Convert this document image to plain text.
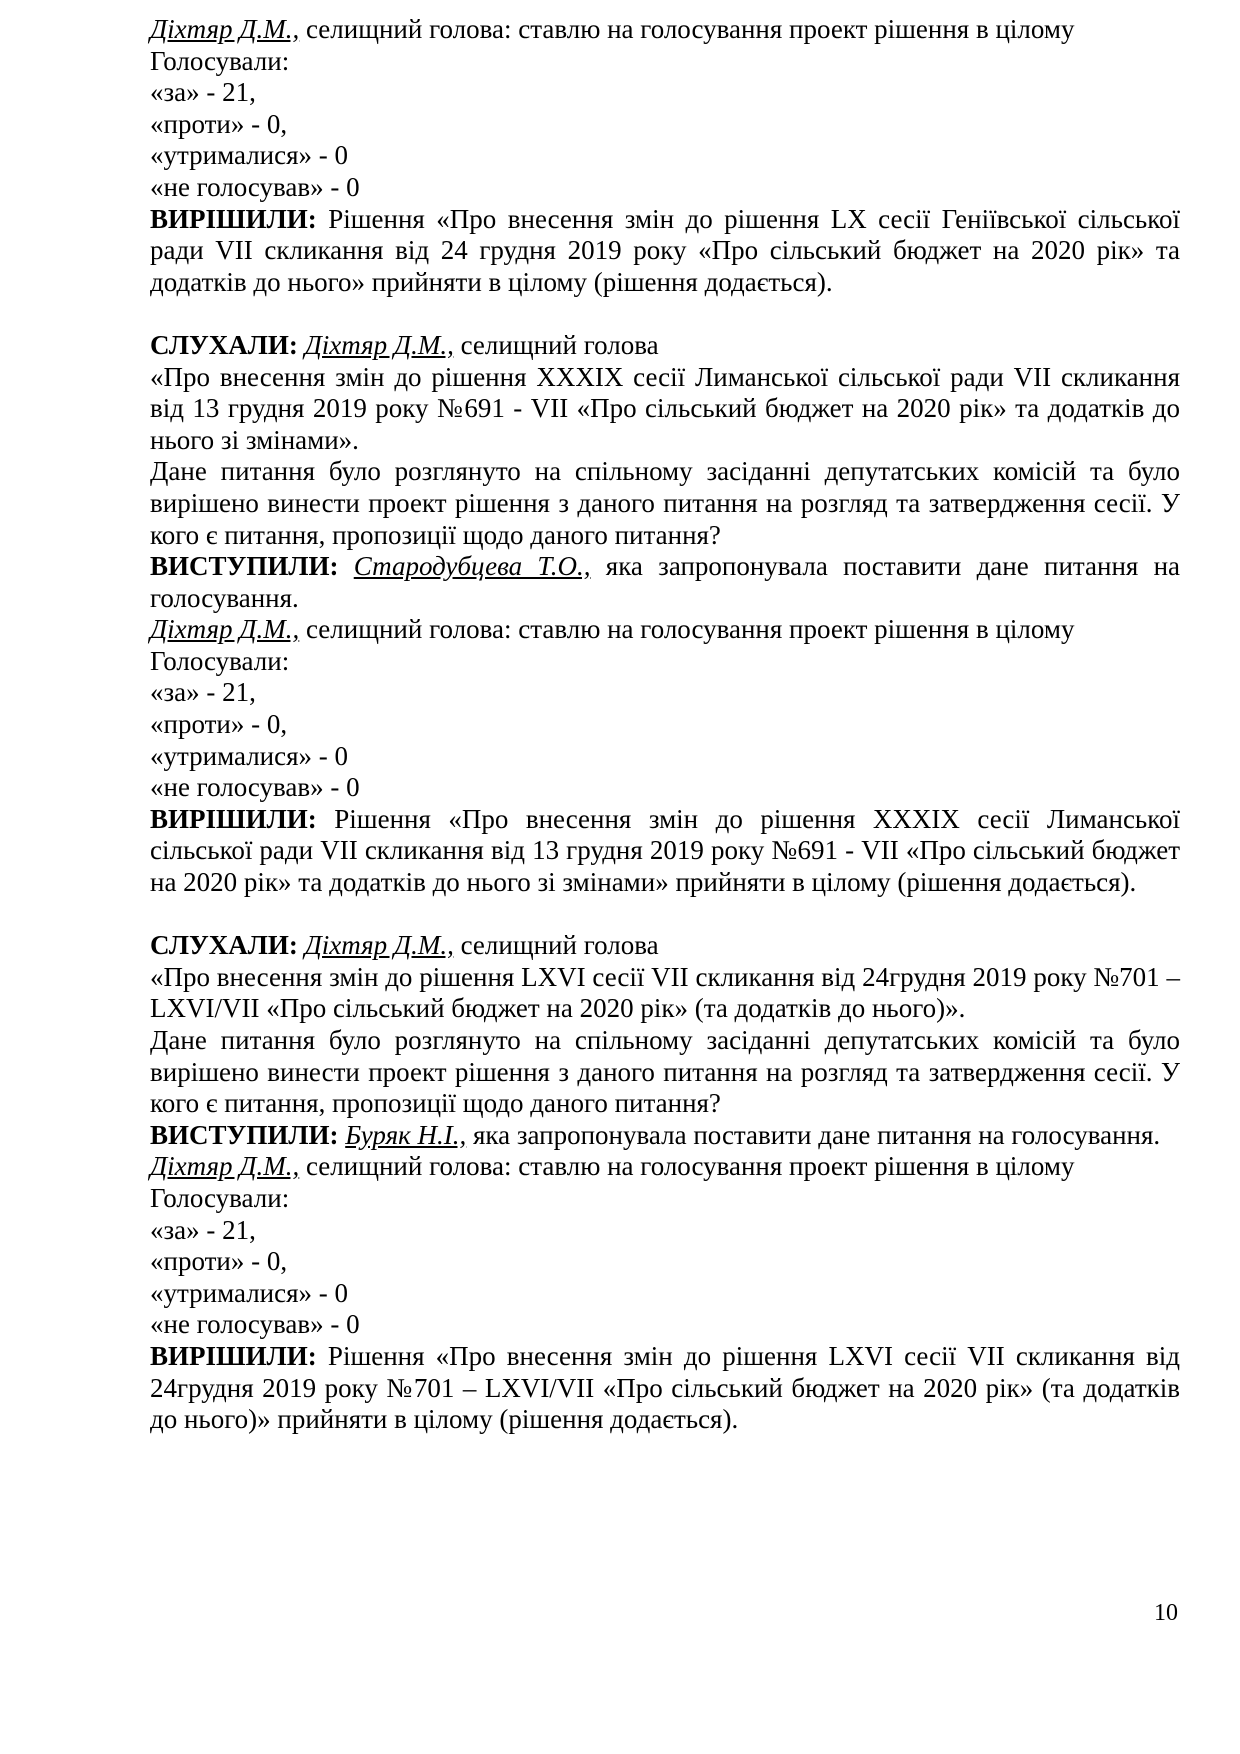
Діхтяр Д.М., селищний голова: ставлю на голосування проект рішення в цілому
Голосували:
«за» - 21,
«проти» - 0,
«утрималися» - 0
«не голосував» - 0
ВИРІШИЛИ: Рішення «Про внесення змін до рішення LX сесії Геніївської сільської ради VII скликання від 24 грудня 2019 року «Про сільський бюджет на 2020 рік» та додатків до нього» прийняти в цілому (рішення додається).
СЛУХАЛИ: Діхтяр Д.М., селищний голова
«Про внесення змін до рішення XXXIX сесії Лиманської сільської ради VII скликання від 13 грудня 2019 року №691 - VII «Про сільський бюджет на 2020 рік» та додатків до нього зі змінами».
Дане питання було розглянуто на спільному засіданні депутатських комісій та було вирішено винести проект рішення з даного питання на розгляд та затвердження сесії. У кого є питання, пропозиції щодо даного питання?
ВИСТУПИЛИ: Стародубцева Т.О., яка запропонувала поставити дане питання на голосування.
Діхтяр Д.М., селищний голова: ставлю на голосування проект рішення в цілому
Голосували:
«за» - 21,
«проти» - 0,
«утрималися» - 0
«не голосував» - 0
ВИРІШИЛИ: Рішення «Про внесення змін до рішення XXXIX сесії Лиманської сільської ради VII скликання від 13 грудня 2019 року №691 - VII «Про сільський бюджет на 2020 рік» та додатків до нього зі змінами» прийняти в цілому (рішення додається).
СЛУХАЛИ: Діхтяр Д.М., селищний голова
«Про внесення змін до рішення LXVI сесії VII скликання від 24грудня 2019 року №701 – LXVI/VII «Про сільський бюджет на 2020 рік» (та додатків до нього)».
Дане питання було розглянуто на спільному засіданні депутатських комісій та було вирішено винести проект рішення з даного питання на розгляд та затвердження сесії. У кого є питання, пропозиції щодо даного питання?
ВИСТУПИЛИ: Буряк Н.І., яка запропонувала поставити дане питання на голосування.
Діхтяр Д.М., селищний голова: ставлю на голосування проект рішення в цілому
Голосували:
«за» - 21,
«проти» - 0,
«утрималися» - 0
«не голосував» - 0
ВИРІШИЛИ: Рішення «Про внесення змін до рішення LXVI сесії VII скликання від 24грудня 2019 року №701 – LXVI/VII «Про сільський бюджет на 2020 рік» (та додатків до нього)» прийняти в цілому (рішення додається).
10
